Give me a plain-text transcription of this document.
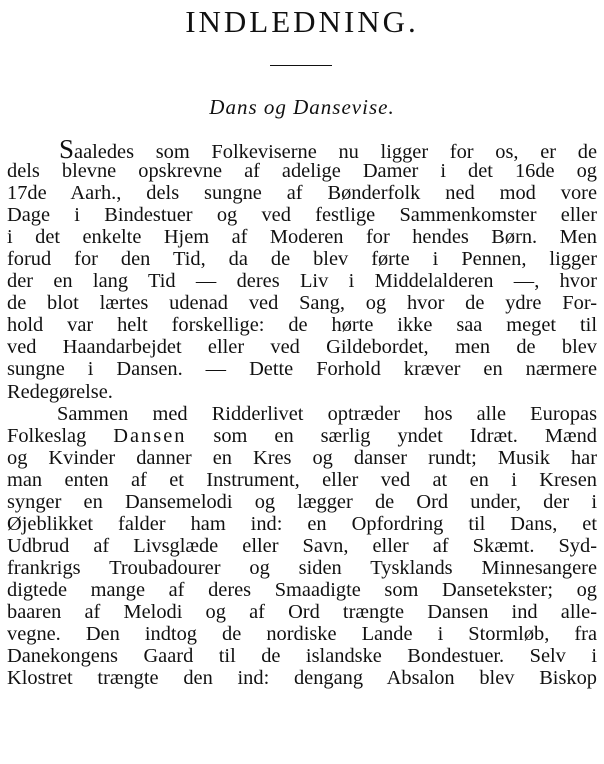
INDLEDNING.
Dans og Dansevise.
Saaledes som Folkeviserne nu ligger for os, er de
dels blevne opskrevne af adelige Damer i det 16de og
17de Aarh., dels sungne af Bønderfolk ned mod vore
Dage i Bindestuer og ved festlige Sammenkomster eller
i det enkelte Hjem af Moderen for hendes Børn. Men
forud for den Tid, da de blev førte i Pennen, ligger
der en lang Tid — deres Liv i Middelalderen —, hvor
de blot lærtes udenad ved Sang, og hvor de ydre For-
hold var helt forskellige: de hørte ikke saa meget til
ved Haandarbejdet eller ved Gildebordet, men de blev
sungne i Dansen. — Dette Forhold kræver en nærmere
Redegørelse.
Sammen med Ridderlivet optræder hos alle Europas
Folkeslag Dansen som en særlig yndet Idræt. Mænd
og Kvinder danner en Kres og danser rundt; Musik har
man enten af et Instrument, eller ved at en i Kresen
synger en Dansemelodi og lægger de Ord under, der i
Øjeblikket falder ham ind: en Opfordring til Dans, et
Udbrud af Livsglæde eller Savn, eller af Skæmt. Syd-
frankrigs Troubadourer og siden Tysklands Minnesangere
digtede mange af deres Smaadigte som Dansetekster; og
baaren af Melodi og af Ord trængte Dansen ind alle-
vegne. Den indtog de nordiske Lande i Stormløb, fra
Danekongens Gaard til de islandske Bondestuer. Selv i
Klostret trængte den ind: dengang Absalon blev Biskop
